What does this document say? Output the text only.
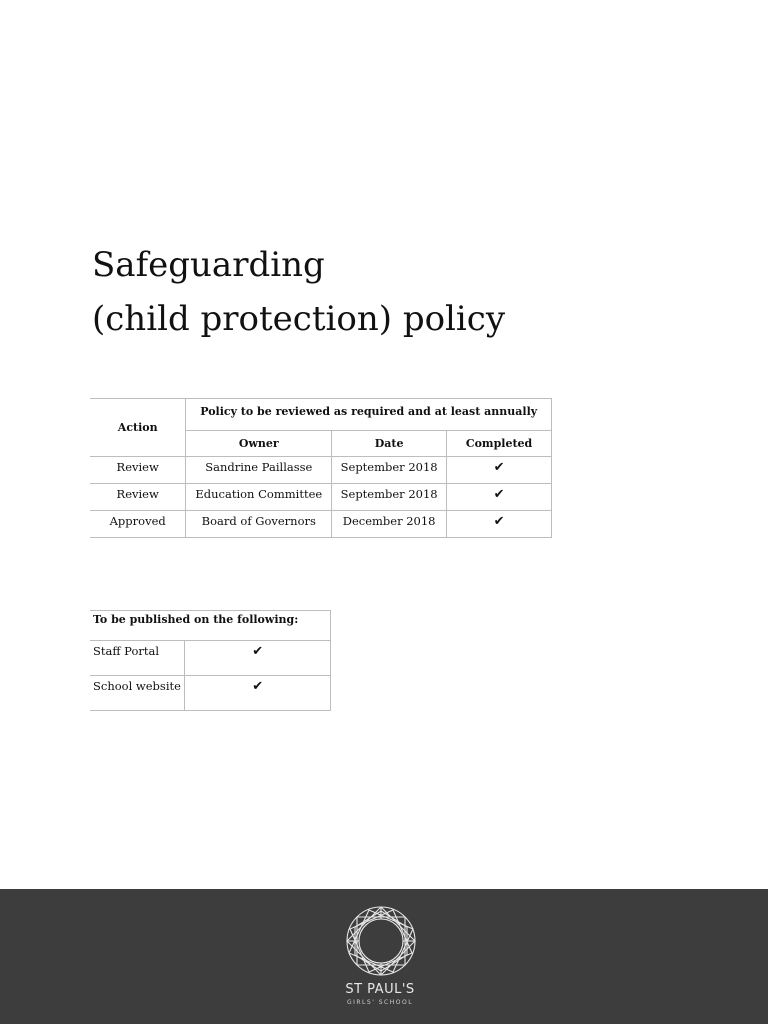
Safeguarding
(child protection) policy
Action	Policy to be reviewed as required and at least annually		
	Owner	Date	Completed
Review	Sandrine Paillasse	September 2018	✔
Review	Education Committee	September 2018	✔
Approved	Board of Governors	December 2018	✔
To be published on the following:	
Staff Portal	✔
School website	✔
ST PAUL'S
GIRLS' SCHOOL
